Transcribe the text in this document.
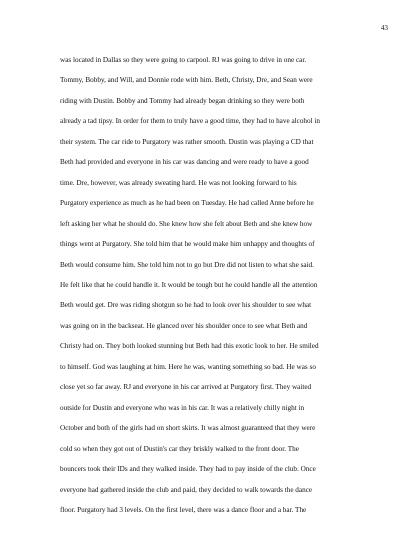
43
was located in Dallas so they were going to carpool. RJ was going to drive in one car.
Tommy, Bobby, and Will, and Donnie rode with him. Beth, Christy, Dre, and Sean were
riding with Dustin. Bobby and Tommy had already began drinking so they were both
already a tad tipsy. In order for them to truly have a good time, they had to have alcohol in
their system. The car ride to Purgatory was rather smooth. Dustin was playing a CD that
Beth had provided and everyone in his car was dancing and were ready to have a good
time. Dre, however, was already sweating hard. He was not looking forward to his
Purgatory experience as much as he had been on Tuesday. He had called Anne before he
left asking her what he should do. She knew how she felt about Beth and she knew how
things went at Purgatory. She told him that he would make him unhappy and thoughts of
Beth would consume him. She told him not to go but Dre did not listen to what she said.
He felt like that he could handle it. It would be tough but he could handle all the attention
Beth would get. Dre was riding shotgun so he had to look over his shoulder to see what
was going on in the backseat. He glanced over his shoulder once to see what Beth and
Christy had on. They both looked stunning but Beth had this exotic look to her. He smiled
to himself. God was laughing at him. Here he was, wanting something so bad. He was so
close yet so far away. RJ and everyone in his car arrived at Purgatory first. They waited
outside for Dustin and everyone who was in his car. It was a relatively chilly night in
October and both of the girls had on short skirts. It was almost guaranteed that they were
cold so when they got out of Dustin's car they briskly walked to the front door. The
bouncers took their IDs and they walked inside. They had to pay inside of the club. Once
everyone had gathered inside the club and paid, they decided to walk towards the dance
floor. Purgatory had 3 levels. On the first level, there was a dance floor and a bar. The
